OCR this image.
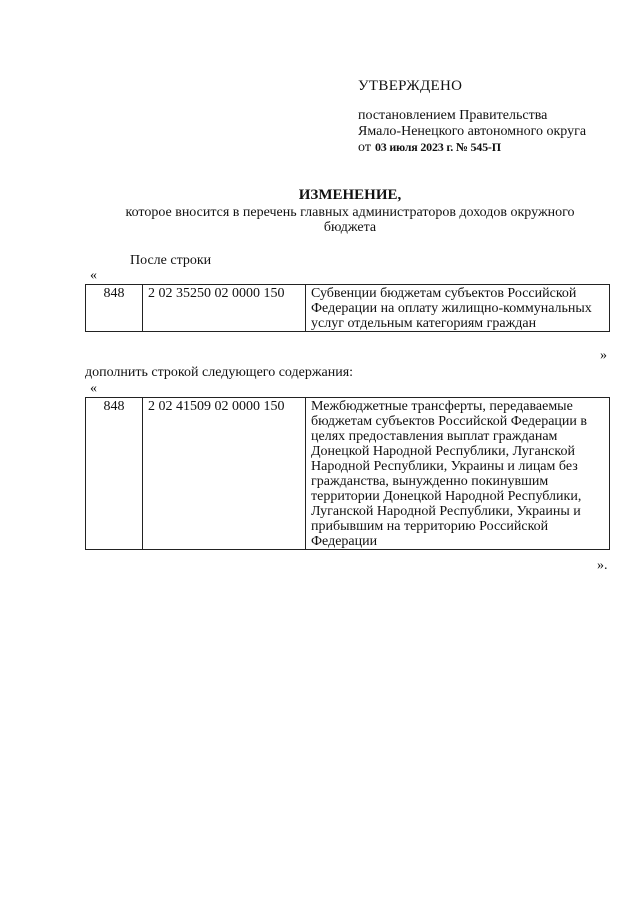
УТВЕРЖДЕНО
постановлением Правительства
Ямало-Ненецкого автономного округа
от 03 июля 2023 г. № 545-П
ИЗМЕНЕНИЕ,
которое вносится в перечень главных администраторов доходов окружного бюджета
После строки
«
848	2 02 35250 02 0000 150	Субвенции бюджетам субъектов Российской Федерации на оплату жилищно-коммунальных услуг отдельным категориям граждан
»
дополнить строкой следующего содержания:
«
848	2 02 41509 02 0000 150	Межбюджетные трансферты, передаваемые бюджетам субъектов Российской Федерации в целях предоставления выплат гражданам Донецкой Народной Республики, Луганской Народной Республики, Украины и лицам без гражданства, вынужденно покинувшим территории Донецкой Народной Республики, Луганской Народной Республики, Украины и прибывшим на территорию Российской Федерации
».
